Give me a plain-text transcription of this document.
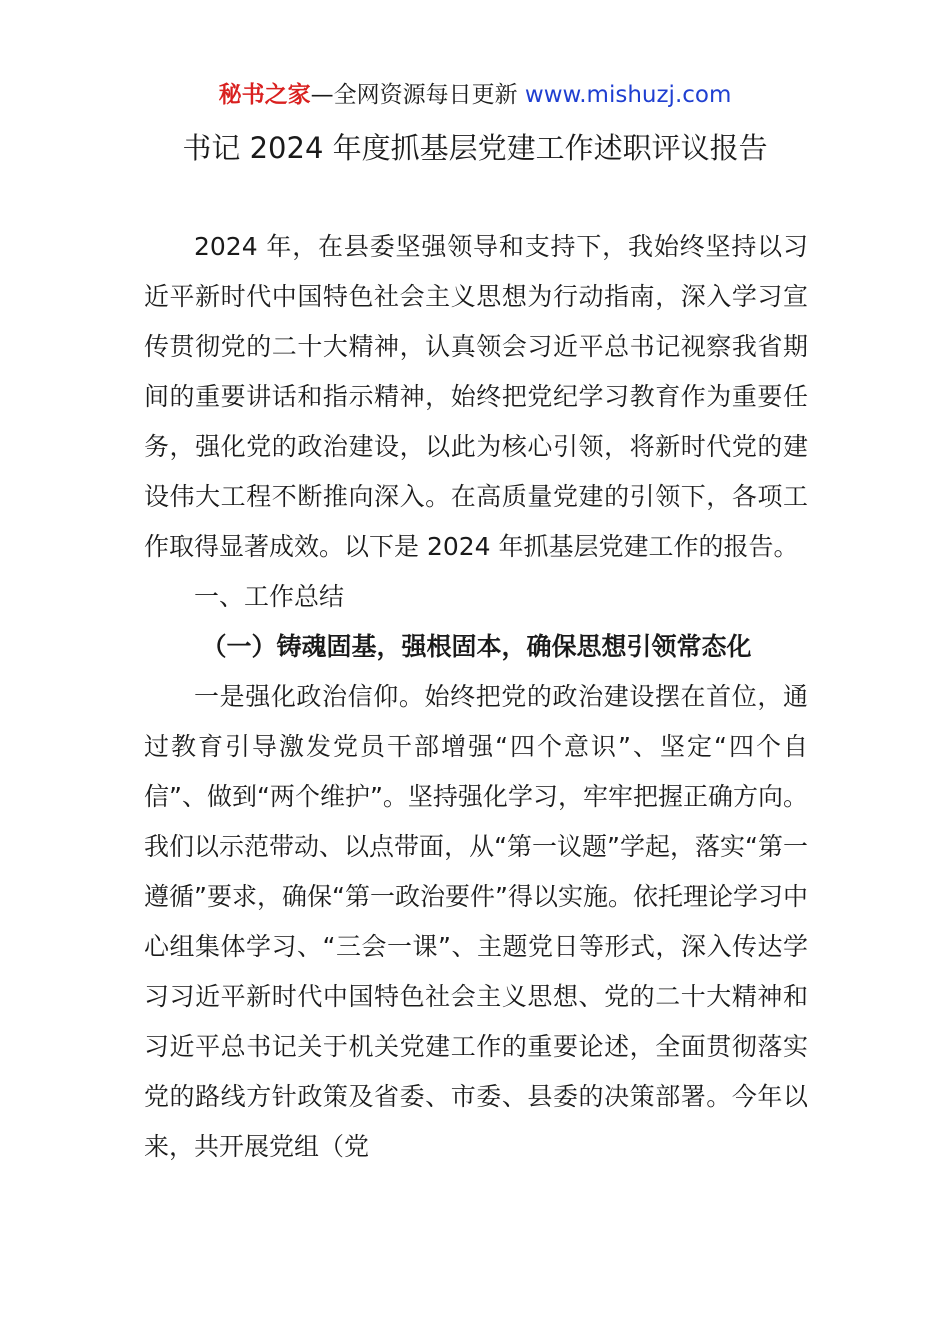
秘书之家—全网资源每日更新 www.mishuzj.com
书记 2024 年度抓基层党建工作述职评议报告

2024 年，在县委坚强领导和支持下，我始终坚持以习近平新时代中国特色社会主义思想为行动指南，深入学习宣传贯彻党的二十大精神，认真领会习近平总书记视察我省期间的重要讲话和指示精神，始终把党纪学习教育作为重要任务，强化党的政治建设，以此为核心引领，将新时代党的建设伟大工程不断推向深入。在高质量党建的引领下，各项工作取得显著成效。以下是 2024 年抓基层党建工作的报告。

一、工作总结

（一）铸魂固基，强根固本，确保思想引领常态化

一是强化政治信仰。始终把党的政治建设摆在首位，通过教育引导激发党员干部增强“四个意识”、坚定“四个自信”、做到“两个维护”。坚持强化学习，牢牢把握正确方向。我们以示范带动、以点带面，从“第一议题”学起，落实“第一遵循”要求，确保“第一政治要件”得以实施。依托理论学习中心组集体学习、“三会一课”、主题党日等形式，深入传达学习习近平新时代中国特色社会主义思想、党的二十大精神和习近平总书记关于机关党建工作的重要论述，全面贯彻落实党的路线方针政策及省委、市委、县委的决策部署。今年以来，共开展党组（党
